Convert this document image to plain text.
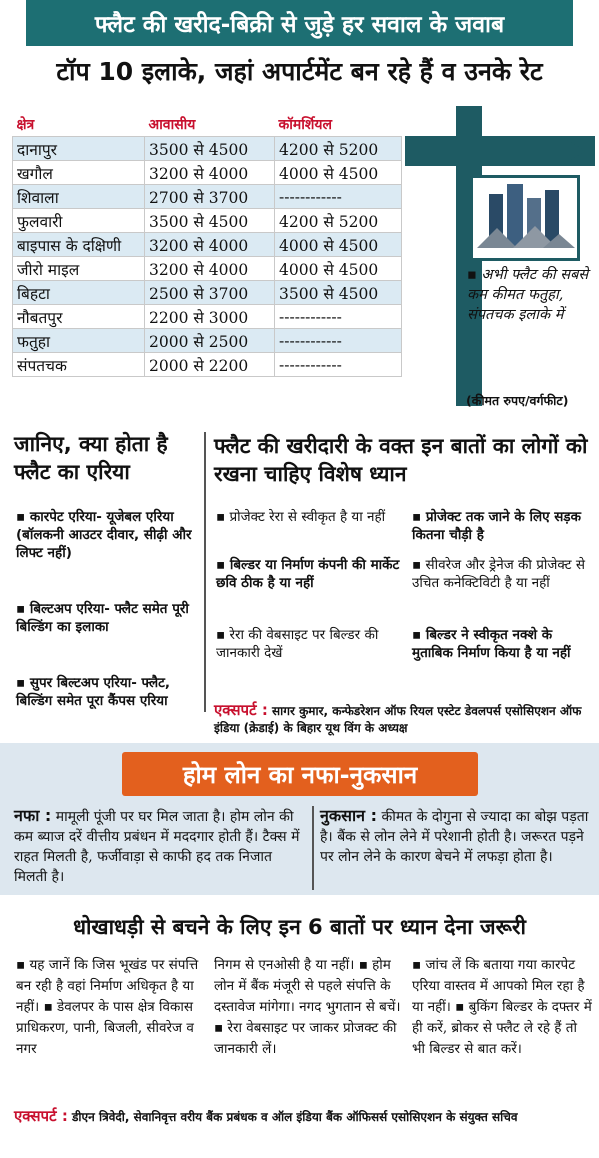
फ्लैट की खरीद-बिक्री से जुड़े हर सवाल के जवाब
टॉप 10 इलाके, जहां अपार्टमेंट बन रहे हैं व उनके रेट
क्षेत्र	आवासीय	कॉमर्शियल
दानापुर	3500 से 4500	4200 से 5200
खगौल	3200 से 4000	4000 से 4500
शिवाला	2700 से 3700	------------
फुलवारी	3500 से 4500	4200 से 5200
बाइपास के दक्षिणी	3200 से 4000	4000 से 4500
जीरो माइल	3200 से 4000	4000 से 4500
बिहटा	2500 से 3700	3500 से 4500
नौबतपुर	2200 से 3000	------------
फतुहा	2000 से 2500	------------
संपतचक	2000 से 2200	------------
▪ अभी फ्लैट की सबसे कम कीमत फतुहा, संपतचक इलाके में
(कीमत रुपए/वर्गफीट)
जानिए, क्या होता है फ्लैट का एरिया
▪ कारपेट एरिया- यूजेबल एरिया (बॉलकनी आउटर दीवार, सीढ़ी और लिफ्ट नहीं)
▪ बिल्टअप एरिया- फ्लैट समेत पूरी बिल्डिंग का इलाका
▪ सुपर बिल्टअप एरिया- फ्लैट, बिल्डिंग समेत पूरा कैंपस एरिया
फ्लैट की खरीदारी के वक्त इन बातों का लोगों को रखना चाहिए विशेष ध्यान
▪ प्रोजेक्ट रेरा से स्वीकृत है या नहीं
▪ बिल्डर या निर्माण कंपनी की मार्केट छवि ठीक है या नहीं
▪ रेरा की वेबसाइट पर बिल्डर की जानकारी देखें
▪ प्रोजेक्ट तक जाने के लिए सड़क कितना चौड़ी है
▪ सीवरेज और ड्रेनेज की प्रोजेक्ट से उचित कनेक्टिविटी है या नहीं
▪ बिल्डर ने स्वीकृत नक्शे के मुताबिक निर्माण किया है या नहीं
एक्सपर्ट : सागर कुमार, कन्फेडरेशन ऑफ रियल एस्टेट डेवलपर्स एसोसिएशन ऑफ इंडिया (क्रेडाई) के बिहार यूथ विंग के अध्यक्ष
होम लोन का नफा-नुकसान
नफा : मामूली पूंजी पर घर मिल जाता है। होम लोन की कम ब्याज दरें वीत्तीय प्रबंधन में मददगार होती हैं। टैक्स में राहत मिलती है, फर्जीवाड़ा से काफी हद तक निजात मिलती है।
नुकसान : कीमत के दोगुना से ज्यादा का बोझ पड़ता है। बैंक से लोन लेने में परेशानी होती है। जरूरत पड़ने पर लोन लेने के कारण बेचने में लफड़ा होता है।
धोखाधड़ी से बचने के लिए इन 6 बातों पर ध्यान देना जरूरी
▪ यह जानें कि जिस भूखंड पर संपत्ति बन रही है वहां निर्माण अधिकृत है या नहीं। ▪ डेवलपर के पास क्षेत्र विकास प्राधिकरण, पानी, बिजली, सीवरेज व नगर
निगम से एनओसी है या नहीं। ▪ होम लोन में बैंक मंजूरी से पहले संपत्ति के दस्तावेज मांगेगा। नगद भुगतान से बचें। ▪ रेरा वेबसाइट पर जाकर प्रोजक्ट की जानकारी लें।
▪ जांच लें कि बताया गया कारपेट एरिया वास्तव में आपको मिल रहा है या नहीं। ▪ बुकिंग बिल्डर के दफ्तर में ही करें, ब्रोकर से फ्लैट ले रहे हैं तो भी बिल्डर से बात करें।
एक्सपर्ट : डीएन त्रिवेदी, सेवानिवृत्त वरीय बैंक प्रबंधक व ऑल इंडिया बैंक ऑफिसर्स एसोसिएशन के संयुक्त सचिव
